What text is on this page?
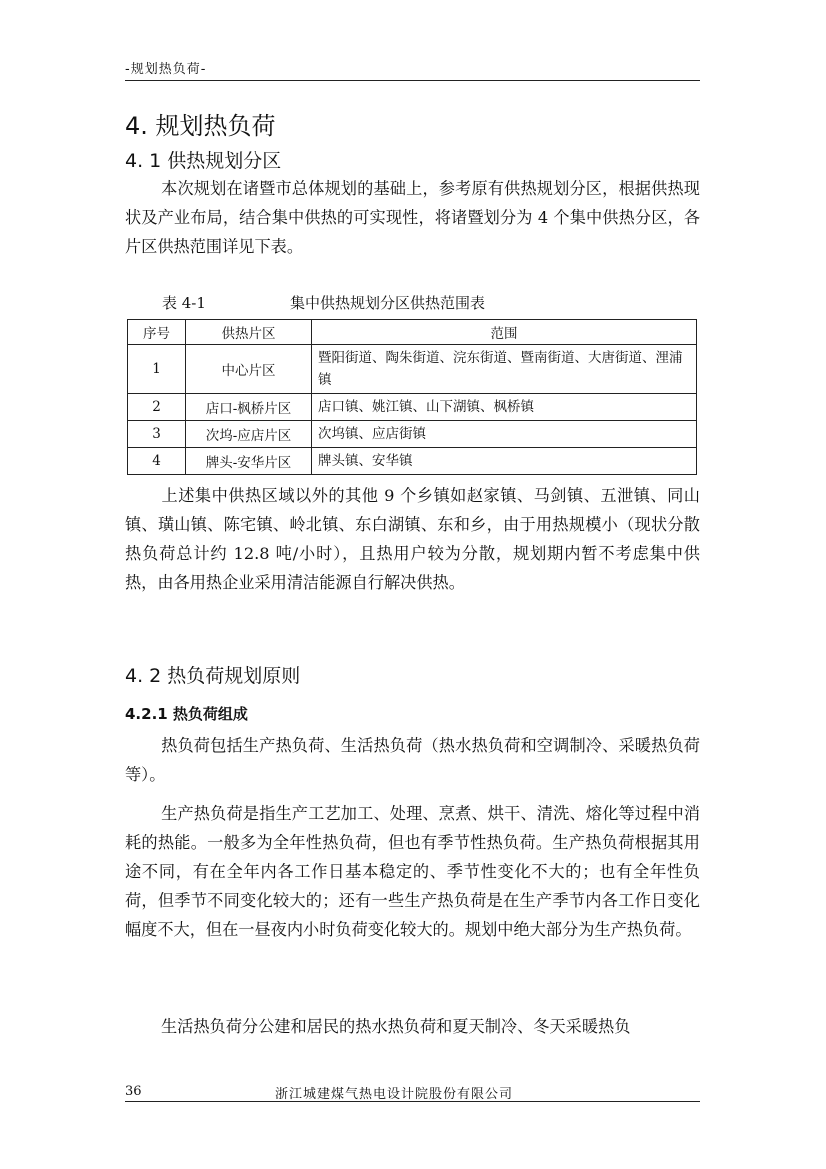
-规划热负荷-
4. 规划热负荷
4. 1 供热规划分区
本次规划在诸暨市总体规划的基础上，参考原有供热规划分区，根据供热现状及产业布局，结合集中供热的可实现性，将诸暨划分为 4 个集中供热分区，各片区供热范围详见下表。
表 4-1	集中供热规划分区供热范围表
序号	供热片区	范围
1	中心片区	暨阳街道、陶朱街道、浣东街道、暨南街道、大唐街道、浬浦镇
2	店口-枫桥片区	店口镇、姚江镇、山下湖镇、枫桥镇
3	次坞-应店片区	次坞镇、应店街镇
4	牌头-安华片区	牌头镇、安华镇
上述集中供热区域以外的其他 9 个乡镇如赵家镇、马剑镇、五泄镇、同山镇、璜山镇、陈宅镇、岭北镇、东白湖镇、东和乡，由于用热规模小（现状分散热负荷总计约 12.8 吨/小时），且热用户较为分散，规划期内暂不考虑集中供热，由各用热企业采用清洁能源自行解决供热。
4. 2 热负荷规划原则
4.2.1 热负荷组成
热负荷包括生产热负荷、生活热负荷（热水热负荷和空调制冷、采暖热负荷等）。
生产热负荷是指生产工艺加工、处理、烹煮、烘干、清洗、熔化等过程中消耗的热能。一般多为全年性热负荷，但也有季节性热负荷。生产热负荷根据其用途不同，有在全年内各工作日基本稳定的、季节性变化不大的；也有全年性负荷，但季节不同变化较大的；还有一些生产热负荷是在生产季节内各工作日变化幅度不大，但在一昼夜内小时负荷变化较大的。规划中绝大部分为生产热负荷。
生活热负荷分公建和居民的热水热负荷和夏天制冷、冬天采暖热负
36	浙江城建煤气热电设计院股份有限公司
